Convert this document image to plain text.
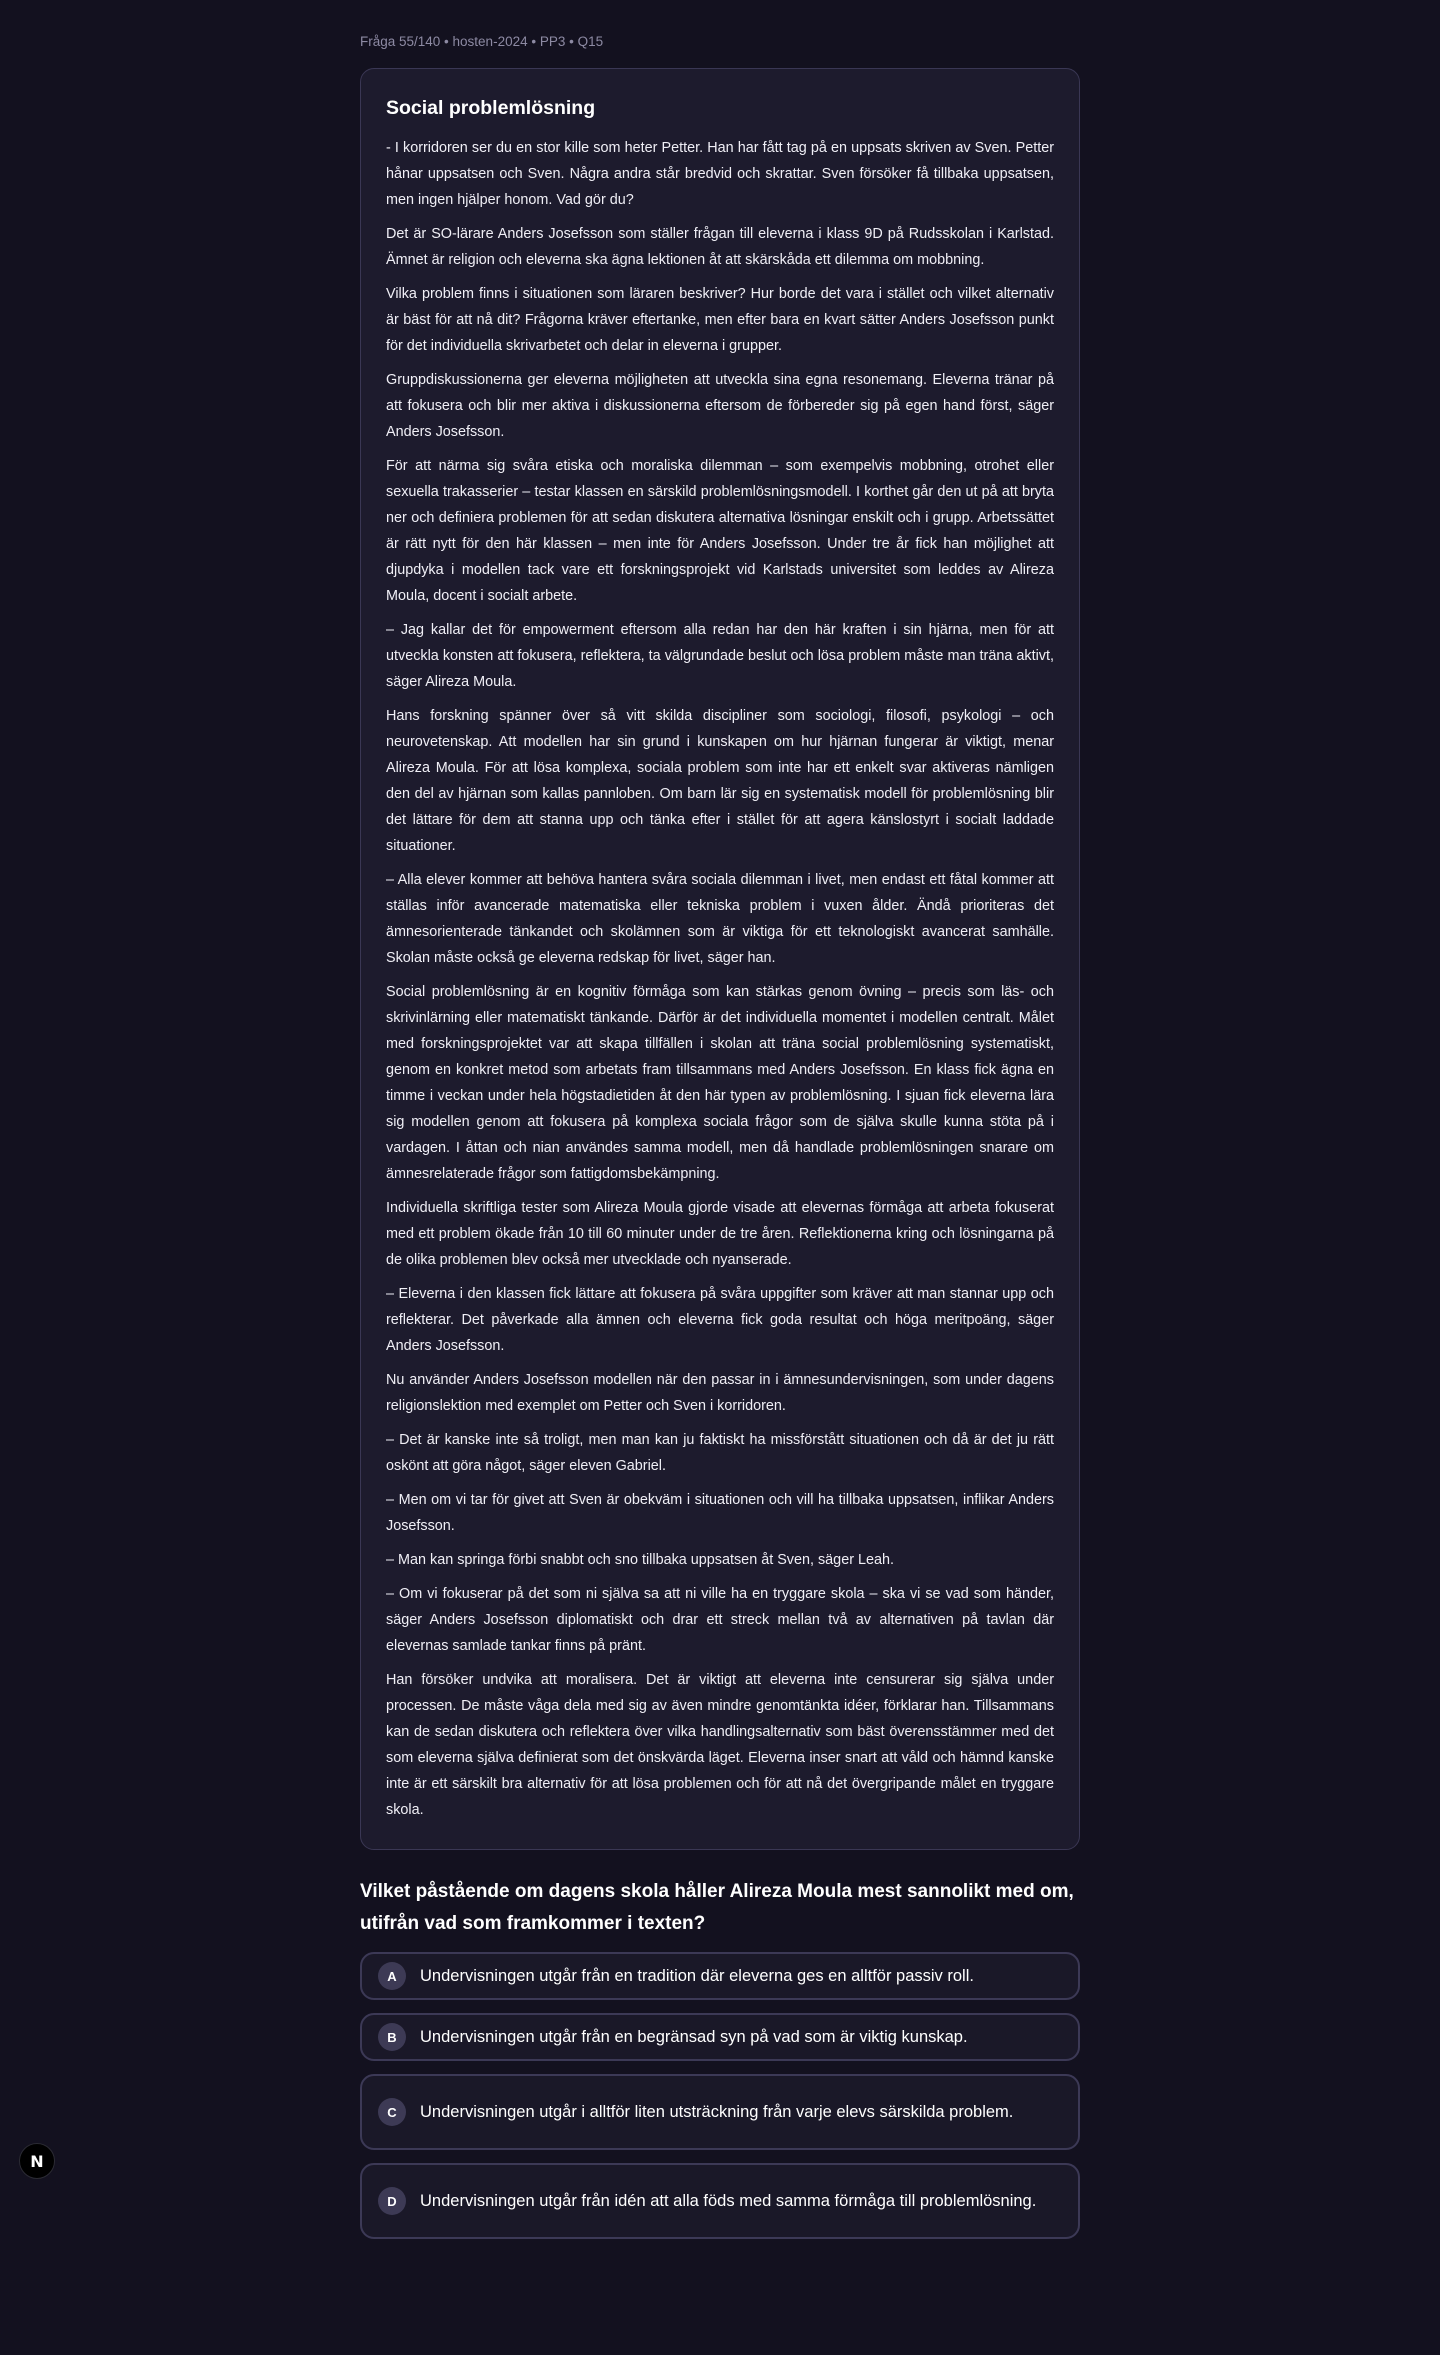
Fråga 55/140 • hosten-2024 • PP3 • Q15
Social problemlösning

- I korridoren ser du en stor kille som heter Petter. Han har fått tag på en uppsats skriven av Sven. Petter hånar uppsatsen och Sven. Några andra står bredvid och skrattar. Sven försöker få tillbaka uppsatsen, men ingen hjälper honom. Vad gör du?

Det är SO-lärare Anders Josefsson som ställer frågan till eleverna i klass 9D på Rudsskolan i Karlstad. Ämnet är religion och eleverna ska ägna lektionen åt att skärskåda ett dilemma om mobbning.

Vilka problem finns i situationen som läraren beskriver? Hur borde det vara i stället och vilket alternativ är bäst för att nå dit? Frågorna kräver eftertanke, men efter bara en kvart sätter Anders Josefsson punkt för det individuella skrivarbetet och delar in eleverna i grupper.

Gruppdiskussionerna ger eleverna möjligheten att utveckla sina egna resonemang. Eleverna tränar på att fokusera och blir mer aktiva i diskussionerna eftersom de förbereder sig på egen hand först, säger Anders Josefsson.

För att närma sig svåra etiska och moraliska dilemman – som exempelvis mobbning, otrohet eller sexuella trakasserier – testar klassen en särskild problemlösningsmodell. I korthet går den ut på att bryta ner och definiera problemen för att sedan diskutera alternativa lösningar enskilt och i grupp. Arbetssättet är rätt nytt för den här klassen – men inte för Anders Josefsson. Under tre år fick han möjlighet att djupdyka i modellen tack vare ett forskningsprojekt vid Karlstads universitet som leddes av Alireza Moula, docent i socialt arbete.

– Jag kallar det för empowerment eftersom alla redan har den här kraften i sin hjärna, men för att utveckla konsten att fokusera, reflektera, ta välgrundade beslut och lösa problem måste man träna aktivt, säger Alireza Moula.

Hans forskning spänner över så vitt skilda discipliner som sociologi, filosofi, psykologi – och neurovetenskap. Att modellen har sin grund i kunskapen om hur hjärnan fungerar är viktigt, menar Alireza Moula. För att lösa komplexa, sociala problem som inte har ett enkelt svar aktiveras nämligen den del av hjärnan som kallas pannloben. Om barn lär sig en systematisk modell för problemlösning blir det lättare för dem att stanna upp och tänka efter i stället för att agera känslostyrt i socialt laddade situationer.

– Alla elever kommer att behöva hantera svåra sociala dilemman i livet, men endast ett fåtal kommer att ställas inför avancerade matematiska eller tekniska problem i vuxen ålder. Ändå prioriteras det ämnesorienterade tänkandet och skolämnen som är viktiga för ett teknologiskt avancerat samhälle. Skolan måste också ge eleverna redskap för livet, säger han.

Social problemlösning är en kognitiv förmåga som kan stärkas genom övning – precis som läs- och skrivinlärning eller matematiskt tänkande. Därför är det individuella momentet i modellen centralt. Målet med forskningsprojektet var att skapa tillfällen i skolan att träna social problemlösning systematiskt, genom en konkret metod som arbetats fram tillsammans med Anders Josefsson. En klass fick ägna en timme i veckan under hela högstadietiden åt den här typen av problemlösning. I sjuan fick eleverna lära sig modellen genom att fokusera på komplexa sociala frågor som de själva skulle kunna stöta på i vardagen. I åttan och nian användes samma modell, men då handlade problemlösningen snarare om ämnesrelaterade frågor som fattigdomsbekämpning.

Individuella skriftliga tester som Alireza Moula gjorde visade att elevernas förmåga att arbeta fokuserat med ett problem ökade från 10 till 60 minuter under de tre åren. Reflektionerna kring och lösningarna på de olika problemen blev också mer utvecklade och nyanserade.

– Eleverna i den klassen fick lättare att fokusera på svåra uppgifter som kräver att man stannar upp och reflekterar. Det påverkade alla ämnen och eleverna fick goda resultat och höga meritpoäng, säger Anders Josefsson.

Nu använder Anders Josefsson modellen när den passar in i ämnesundervisningen, som under dagens religionslektion med exemplet om Petter och Sven i korridoren.

– Det är kanske inte så troligt, men man kan ju faktiskt ha missförstått situationen och då är det ju rätt oskönt att göra något, säger eleven Gabriel.

– Men om vi tar för givet att Sven är obekväm i situationen och vill ha tillbaka uppsatsen, inflikar Anders Josefsson.

– Man kan springa förbi snabbt och sno tillbaka uppsatsen åt Sven, säger Leah.

– Om vi fokuserar på det som ni själva sa att ni ville ha en tryggare skola – ska vi se vad som händer, säger Anders Josefsson diplomatiskt och drar ett streck mellan två av alternativen på tavlan där elevernas samlade tankar finns på pränt.

Han försöker undvika att moralisera. Det är viktigt att eleverna inte censurerar sig själva under processen. De måste våga dela med sig av även mindre genomtänkta idéer, förklarar han. Tillsammans kan de sedan diskutera och reflektera över vilka handlingsalternativ som bäst överensstämmer med det som eleverna själva definierat som det önskvärda läget. Eleverna inser snart att våld och hämnd kanske inte är ett särskilt bra alternativ för att lösa problemen och för att nå det övergripande målet en tryggare skola.

Vilket påstående om dagens skola håller Alireza Moula mest sannolikt med om, utifrån vad som framkommer i texten?
A	Undervisningen utgår från en tradition där eleverna ges en alltför passiv roll.
B	Undervisningen utgår från en begränsad syn på vad som är viktig kunskap.
C	Undervisningen utgår i alltför liten utsträckning från varje elevs särskilda problem.
D	Undervisningen utgår från idén att alla föds med samma förmåga till problemlösning.
N
